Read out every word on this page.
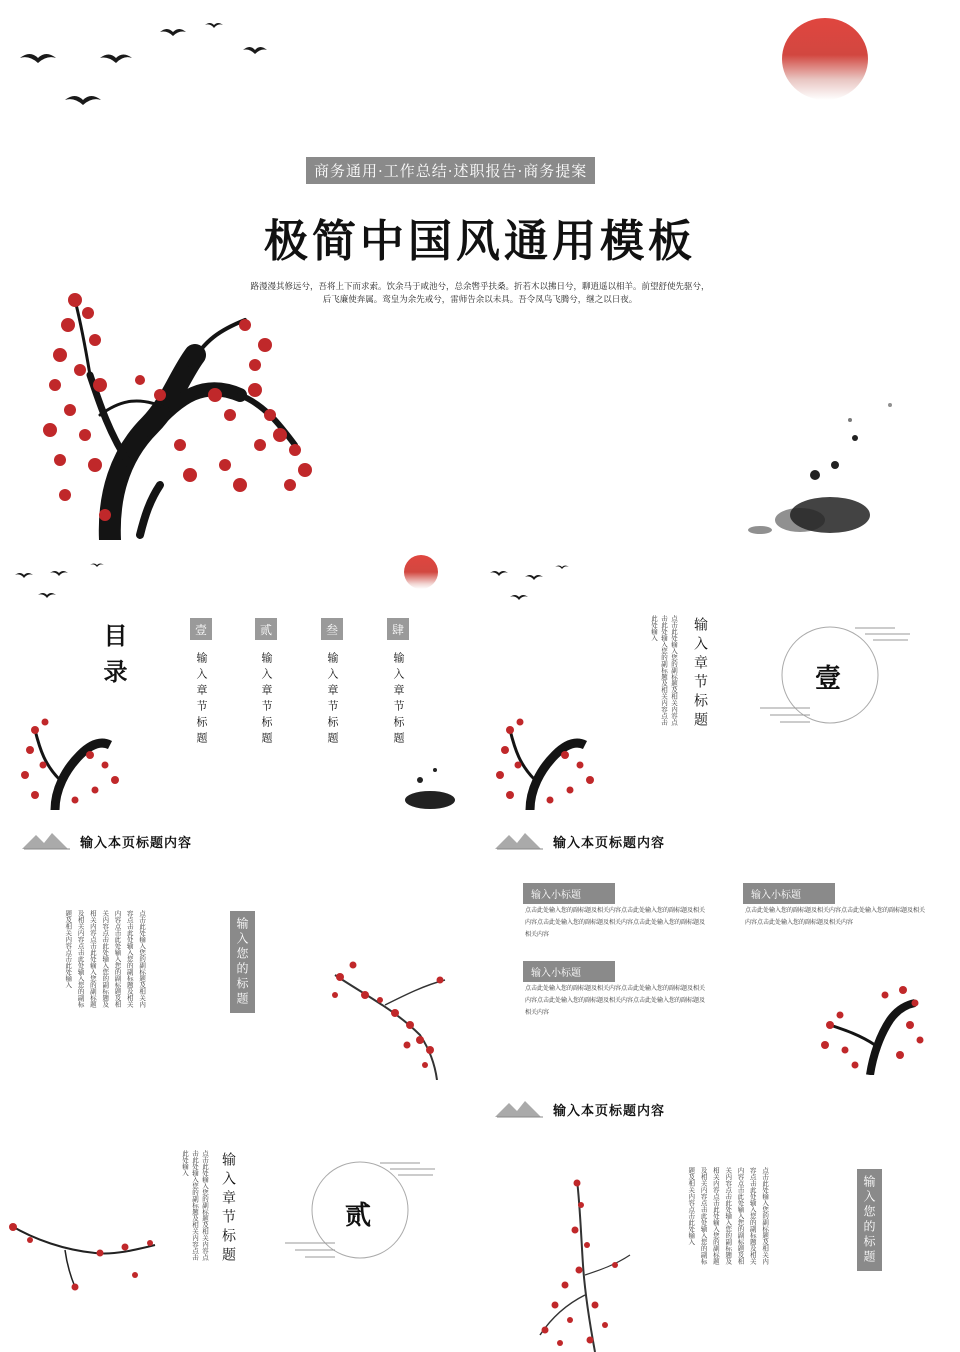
商务通用·工作总结·述职报告·商务提案
极简中国风通用模板
路漫漫其修远兮，吾将上下而求索。饮余马于咸池兮，总余辔乎扶桑。折若木以拂日兮，聊逍遥以相羊。前望舒使先驱兮，
后飞廉使奔属。鸾皇为余先戒兮，雷师告余以未具。吾令凤鸟飞腾兮，继之以日夜。
目录	壹
输入章节标题
贰
输入章节标题
叁
输入章节标题
肆
输入章节标题	点击此处输入您的副标题及相关内容点击此处输入您的副标题及相关内容点击此处输入	输入章节标题	壹
输入本页标题内容
点击此处输入您的副标题及相关内容点击此处输入您的副标题及相关内容点击此处输入您的副标题及相关内容点击此处输入您的副标题及相关内容点击此处输入您的副标题及相关内容点击此处输入您的副标题及相关内容点击此处输入	输入您的标题
输入本页标题内容
输入小标题
点击此处输入您的副标题及相关内容点击此处输入您的副标题及相关内容点击此处输入您的副标题及相关内容点击此处输入您的副标题及相关内容
输入小标题
点击此处输入您的副标题及相关内容点击此处输入您的副标题及相关内容点击此处输入您的副标题及相关内容
输入小标题
点击此处输入您的副标题及相关内容点击此处输入您的副标题及相关内容点击此处输入您的副标题及相关内容点击此处输入您的副标题及相关内容
点击此处输入您的副标题及相关内容点击此处输入您的副标题及相关内容点击此处输入	输入章节标题	贰
输入本页标题内容
点击此处输入您的副标题及相关内容点击此处输入您的副标题及相关内容点击此处输入您的副标题及相关内容点击此处输入您的副标题及相关内容点击此处输入您的副标题及相关内容点击此处输入您的副标题及相关内容点击此处输入	输入您的标题
